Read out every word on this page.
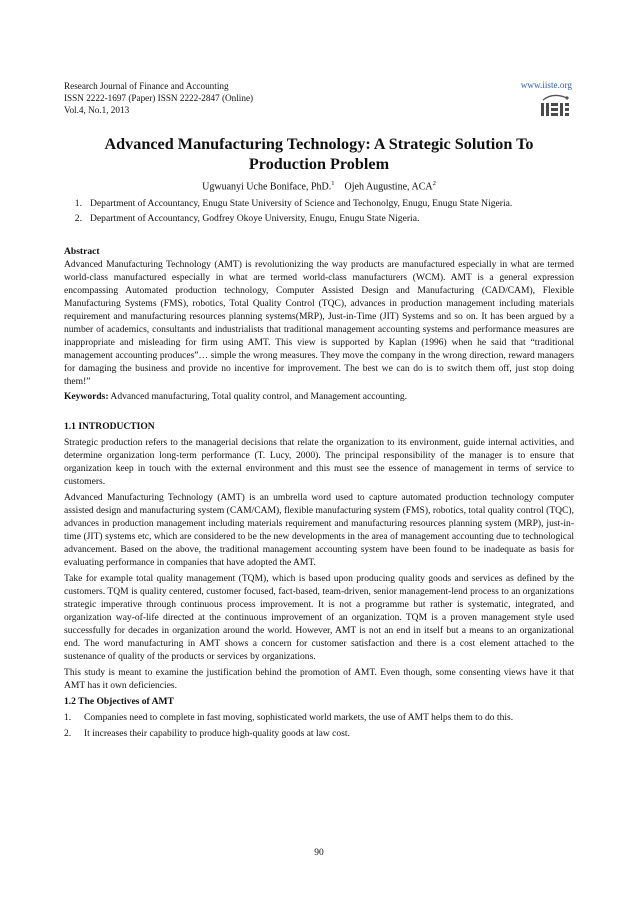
Research Journal of Finance and Accounting
ISSN 2222-1697 (Paper) ISSN 2222-2847 (Online)
Vol.4, No.1, 2013
www.iiste.org
Advanced Manufacturing Technology: A Strategic Solution To Production Problem
Ugwuanyi Uche Boniface, PhD.$^1$ Ojeh Augustine, ACA$^2$
1. Department of Accountancy, Enugu State University of Science and Techonolgy, Enugu, Enugu State Nigeria.
2. Department of Accountancy, Godfrey Okoye University, Enugu, Enugu State Nigeria.

Abstract

Advanced Manufacturing Technology (AMT) is revolutionizing the way products are manufactured especially in what are termed world-class manufactured especially in what are termed world-class manufacturers (WCM). AMT is a general expression encompassing Automated production technology, Computer Assisted Design and Manufacturing (CAD/CAM), Flexible Manufacturing Systems (FMS), robotics, Total Quality Control (TQC), advances in production management including materials requirement and manufacturing resources planning systems(MRP), Just-in-Time (JIT) Systems and so on. It has been argued by a number of academics, consultants and industrialists that traditional management accounting systems and performance measures are inappropriate and misleading for firm using AMT. This view is supported by Kaplan (1996) when he said that “traditional management accounting produces”… simple the wrong measures. They move the company in the wrong direction, reward managers for damaging the business and provide no incentive for improvement. The best we can do is to switch them off, just stop doing them!”

Keywords: Advanced manufacturing, Total quality control, and Management accounting.

1.1 INTRODUCTION

Strategic production refers to the managerial decisions that relate the organization to its environment, guide internal activities, and determine organization long-term performance (T. Lucy, 2000). The principal responsibility of the manager is to ensure that organization keep in touch with the external environment and this must see the essence of management in terms of service to customers.

Advanced Manufacturing Technology (AMT) is an umbrella word used to capture automated production technology computer assisted design and manufacturing system (CAM/CAM), flexible manufacturing system (FMS), robotics, total quality control (TQC), advances in production management including materials requirement and manufacturing resources planning system (MRP), just-in-time (JIT) systems etc, which are considered to be the new developments in the area of management accounting due to technological advancement. Based on the above, the traditional management accounting system have been found to be inadequate as basis for evaluating performance in companies that have adopted the AMT.

Take for example total quality management (TQM), which is based upon producing quality goods and services as defined by the customers. TQM is quality centered, customer focused, fact-based, team-driven, senior management-lend process to an organizations strategic imperative through continuous process improvement. It is not a programme but rather is systematic, integrated, and organization way-of-life directed at the continuous improvement of an organization. TQM is a proven management style used successfully for decades in organization around the world. However, AMT is not an end in itself but a means to an organizational end. The word manufacturing in AMT shows a concern for customer satisfaction and there is a cost element attached to the sustenance of quality of the products or services by organizations.

This study is meant to examine the justification behind the promotion of AMT. Even though, some consenting views have it that AMT has it own deficiencies.

1.2 The Objectives of AMT

1.	Companies need to complete in fast moving, sophisticated world markets, the use of AMT helps them to do this.
2.	It increases their capability to produce high-quality goods at law cost.
90
